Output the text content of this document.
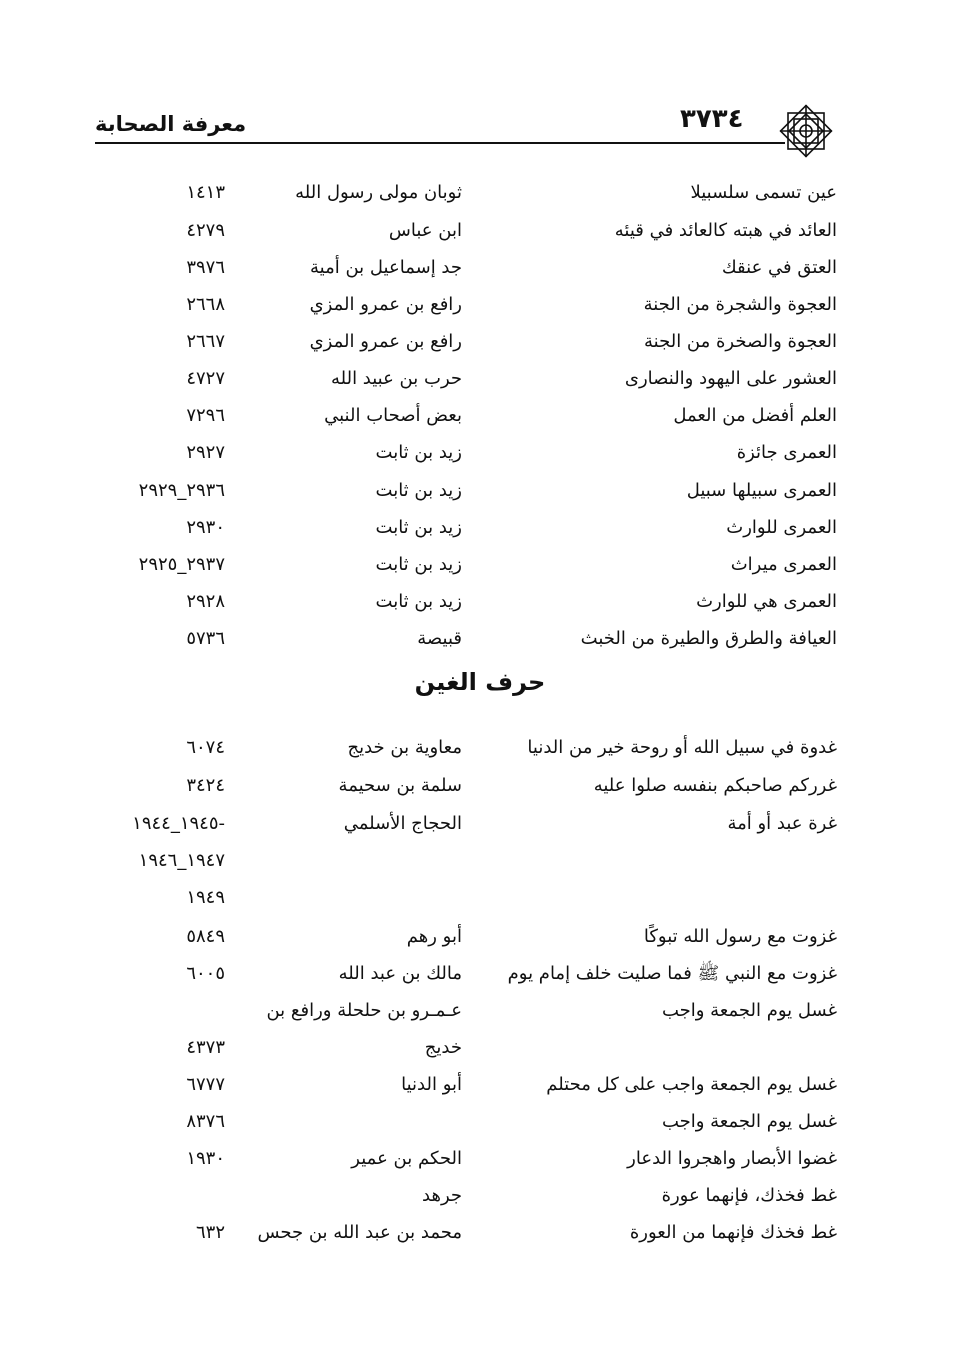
معرفة الصحابة	٣٧٣٤
عين تسمى سلسبيلا
ثوبان مولى رسول الله
١٤١٣
العائد في هبته كالعائد في قيئه
ابن عباس
٤٢٧٩
العتق في عنقك
جد إسماعيل بن أمية
٣٩٧٦
العجوة والشجرة من الجنة
رافع بن عمرو المزي
٢٦٦٨
العجوة والصخرة من الجنة
رافع بن عمرو المزي
٢٦٦٧
العشور على اليهود والنصارى
حرب بن عبيد الله
٤٧٢٧
العلم أفضل من العمل
بعض أصحاب النبي
٧٢٩٦
العمرى جائزة
زيد بن ثابت
٢٩٢٧
العمرى سبيلها سبيل
زيد بن ثابت
٢٩٣٦_٢٩٢٩
العمرى للوارث
زيد بن ثابت
٢٩٣٠
العمرى ميراث
زيد بن ثابت
٢٩٣٧_٢٩٢٥
العمرى هي للوارث
زيد بن ثابت
٢٩٢٨
العيافة والطرق والطيرة من الخبث
قبيصة
٥٧٣٦
حرف الغين
غدوة في سبيل الله أو روحة خير من الدنيا
معاوية بن خديج
٦٠٧٤
غرركم صاحبكم بنفسه صلوا عليه
سلمة بن سحيمة
٣٤٢٤
غرة عبد أو أمة
الحجاج الأسلمي
-١٩٤٥_١٩٤٤
١٩٤٧_١٩٤٦
١٩٤٩
غزوت مع رسول الله تبوكًا
أبو رهم
٥٨٤٩
غزوت مع النبي ﷺ فما صليت خلف إمام يوم
مالك بن عبد الله
٦٠٠٥
غسل يوم الجمعة واجب
عـمـرو بن حلحلة ورافع بن
خديج
٤٣٧٣
غسل يوم الجمعة واجب على كل محتلم
أبو الدنيا
٦٧٧٧
غسل يوم الجمعة واجب
٨٣٧٦
غضوا الأبصار واهجروا الدعار
الحكم بن عمير
١٩٣٠
غط فخذك، فإنهما عورة
جرهد
غط فخذك فإنهما من العورة
محمد بن عبد الله بن جحس
٦٣٢
